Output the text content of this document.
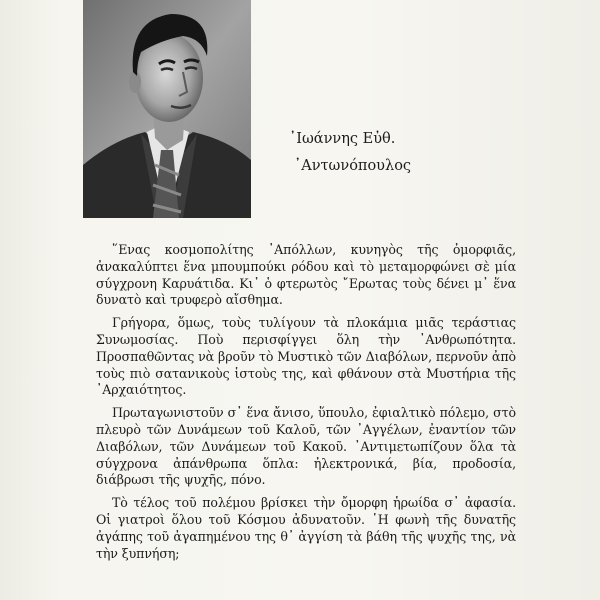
᾿Ιωάννης Εὐθ.
᾿Αντωνόπουλος

῞Ενας κοσμοπολίτης ᾿Απόλλων, κυνηγὸς τῆς ὀμορφιᾶς, ἀνακαλύπτει ἕνα μπουμπούκι ρόδου καὶ τὸ μεταμορφώνει σὲ μία σύγχρονη Καρυάτιδα. Κι᾿ ὁ φτερωτὸς ῎Ερωτας τοὺς δένει μ᾿ ἕνα δυνατὸ καὶ τρυφερὸ αἴσθημα.

Γρήγορα, ὅμως, τοὺς τυλίγουν τὰ πλοκάμια μιᾶς τεράστιας Συνωμοσίας. Ποὺ περισφίγγει ὅλη τὴν ᾿Ανθρωπότητα. Προσπαθῶντας νὰ βροῦν τὸ Μυστικὸ τῶν Διαβόλων, περνοῦν ἀπὸ τοὺς πιὸ σατανικοὺς ἱστοὺς της, καὶ φθάνουν στὰ Μυστήρια τῆς ᾿Αρχαιότητος.

Πρωταγωνιστοῦν σ᾿ ἕνα ἄνισο, ὕπουλο, ἐφιαλτικὸ πόλεμο, στὸ πλευρὸ τῶν Δυνάμεων τοῦ Καλοῦ, τῶν ᾿Αγγέλων, ἐναντίον τῶν Διαβόλων, τῶν Δυνάμεων τοῦ Κακοῦ. ᾿Αντιμετωπίζουν ὅλα τὰ σύγχρονα ἀπάνθρωπα ὅπλα: ἠλεκτρονικά, βία, προδοσία, διάβρωσι τῆς ψυχῆς, πόνο.

Τὸ τέλος τοῦ πολέμου βρίσκει τὴν ὄμορφη ἡρωίδα σ᾿ ἀφασία. Οἱ γιατροὶ ὅλου τοῦ Κόσμου ἀδυνατοῦν. ῾Η φωνὴ τῆς δυνατῆς ἀγάπης τοῦ ἀγαπημένου της θ᾿ ἀγγίση τὰ βάθη τῆς ψυχῆς της, νὰ τὴν ξυπνήση;
